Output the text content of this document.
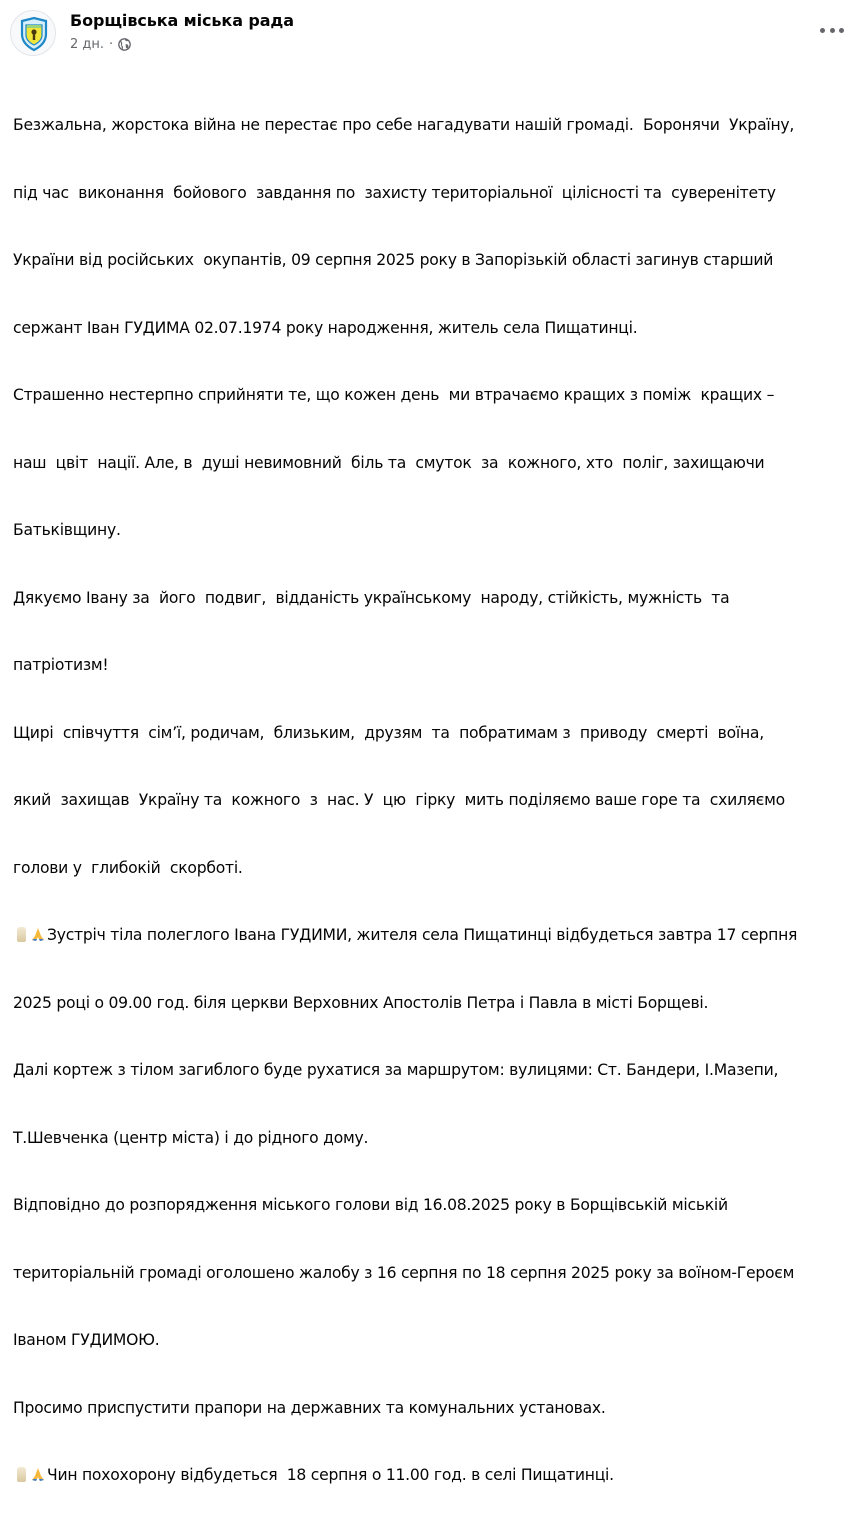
Борщівська міська рада
2 дн. ·

Безжальна, жорстока війна не перестає про себе нагадувати нашій громаді.  Боронячи  Україну,

під час  виконання  бойового  завдання по  захисту територіальної  цілісності та  суверенітету

України від російських  окупантів, 09 серпня 2025 року в Запорізькій області загинув старший

сержант Іван ГУДИМА 02.07.1974 року народження, житель села Пищатинці.

Страшенно нестерпно сприйняти те, що кожен день  ми втрачаємо кращих з поміж  кращих –

наш  цвіт  нації. Але, в  душі невимовний  біль та  смуток  за  кожного, хто  поліг, захищаючи

Батьківщину.

Дякуємо Івану за  його  подвиг,  відданість українському  народу, стійкість, мужність  та

патріотизм!

Щирі  співчуття  сім’ї, родичам,  близьким,  друзям  та  побратимам з  приводу  смерті  воїна,

який  захищав  Україну та  кожного  з  нас. У  цю  гірку  мить поділяємо ваше горе та  схиляємо

голови у  глибокій  скорботі.

Зустріч тіла полеглого Івана ГУДИМИ, жителя села Пищатинці відбудеться завтра 17 серпня

2025 році о 09.00 год. біля церкви Верховних Апостолів Петра і Павла в місті Борщеві.

Далі кортеж з тілом загиблого буде рухатися за маршрутом: вулицями: Ст. Бандери, І.Мазепи,

Т.Шевченка (центр міста) і до рідного дому.

Відповідно до розпорядження міського голови від 16.08.2025 року в Борщівській міській

територіальній громаді оголошено жалобу з 16 серпня по 18 серпня 2025 року за воїном-Героєм

Іваном ГУДИМОЮ.

Просимо приспустити прапори на державних та комунальних установах.

Чин похохорону відбудеться  18 серпня о 11.00 год. в селі Пищатинці.
